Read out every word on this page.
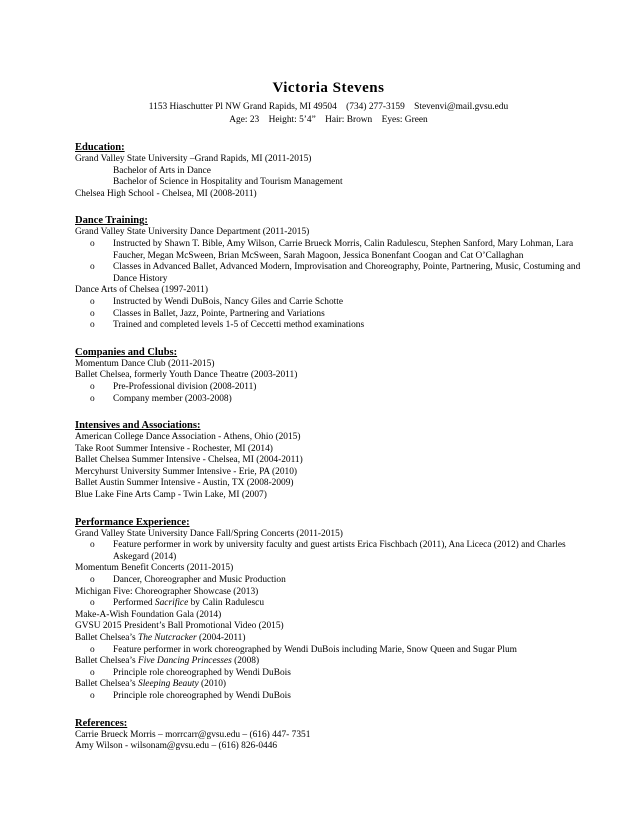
Victoria Stevens
1153 Hiaschutter Pl NW Grand Rapids, MI 49504 (734) 277-3159 Stevenvi@mail.gvsu.edu
Age: 23 Height: 5’4” Hair: Brown Eyes: Green
Education:
Grand Valley State University –Grand Rapids, MI (2011-2015)
Bachelor of Arts in Dance
Bachelor of Science in Hospitality and Tourism Management
Chelsea High School - Chelsea, MI (2008-2011)
Dance Training:
Grand Valley State University Dance Department (2011-2015)
o	Instructed by Shawn T. Bible, Amy Wilson, Carrie Brueck Morris, Calin Radulescu, Stephen Sanford, Mary Lohman, Lara Faucher, Megan McSween, Brian McSween, Sarah Magoon, Jessica Bonenfant Coogan and Cat O’Callaghan
o	Classes in Advanced Ballet, Advanced Modern, Improvisation and Choreography, Pointe, Partnering, Music, Costuming and Dance History
Dance Arts of Chelsea (1997-2011)
o	Instructed by Wendi DuBois, Nancy Giles and Carrie Schotte
o	Classes in Ballet, Jazz, Pointe, Partnering and Variations
o	Trained and completed levels 1-5 of Ceccetti method examinations
Companies and Clubs:
Momentum Dance Club (2011-2015)
Ballet Chelsea, formerly Youth Dance Theatre (2003-2011)
o	Pre-Professional division (2008-2011)
o	Company member (2003-2008)
Intensives and Associations:
American College Dance Association - Athens, Ohio (2015)
Take Root Summer Intensive - Rochester, MI (2014)
Ballet Chelsea Summer Intensive - Chelsea, MI (2004-2011)
Mercyhurst University Summer Intensive - Erie, PA (2010)
Ballet Austin Summer Intensive - Austin, TX (2008-2009)
Blue Lake Fine Arts Camp - Twin Lake, MI (2007)
Performance Experience:
Grand Valley State University Dance Fall/Spring Concerts (2011-2015)
o	Feature performer in work by university faculty and guest artists Erica Fischbach (2011), Ana Liceca (2012) and Charles Askegard (2014)
Momentum Benefit Concerts (2011-2015)
o	Dancer, Choreographer and Music Production
Michigan Five: Choreographer Showcase (2013)
o	Performed Sacrifice by Calin Radulescu
Make-A-Wish Foundation Gala (2014)
GVSU 2015 President’s Ball Promotional Video (2015)
Ballet Chelsea’s The Nutcracker (2004-2011)
o	Feature performer in work choreographed by Wendi DuBois including Marie, Snow Queen and Sugar Plum
Ballet Chelsea’s Five Dancing Princesses (2008)
o	Principle role choreographed by Wendi DuBois
Ballet Chelsea’s Sleeping Beauty (2010)
o	Principle role choreographed by Wendi DuBois
References:
Carrie Brueck Morris – morrcarr@gvsu.edu – (616) 447- 7351
Amy Wilson - wilsonam@gvsu.edu – (616) 826-0446
